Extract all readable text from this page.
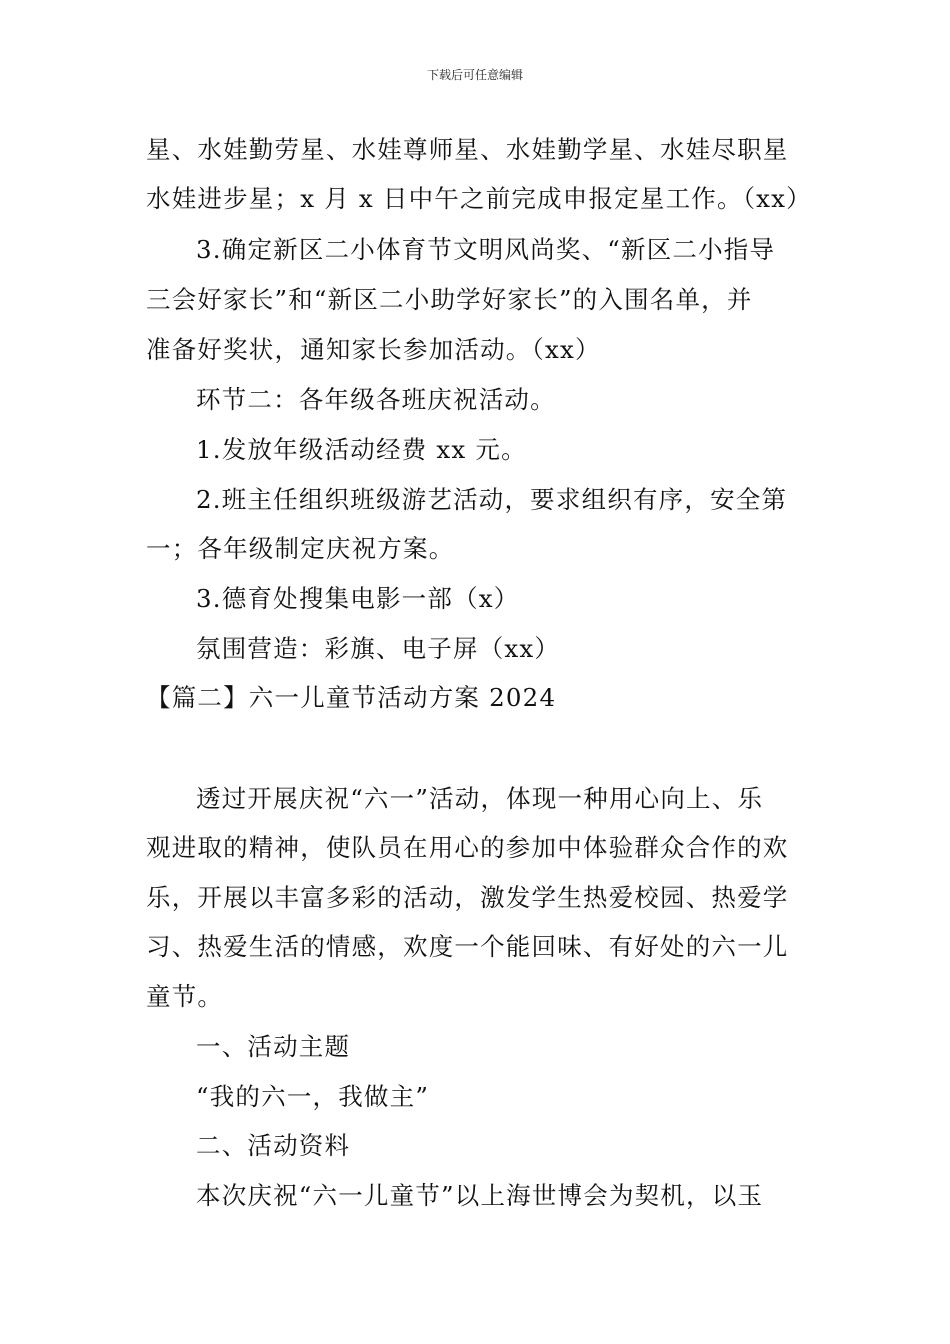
下载后可任意编辑
星、水娃勤劳星、水娃尊师星、水娃勤学星、水娃尽职星
水娃进步星；x 月 x 日中午之前完成申报定星工作。（xx）
3.确定新区二小体育节文明风尚奖、“新区二小指导
三会好家长”和“新区二小助学好家长”的入围名单，并
准备好奖状，通知家长参加活动。（xx）
环节二：各年级各班庆祝活动。
1.发放年级活动经费 xx 元。
2.班主任组织班级游艺活动，要求组织有序，安全第
一；各年级制定庆祝方案。
3.德育处搜集电影一部（x）
氛围营造：彩旗、电子屏（xx）
【篇二】六一儿童节活动方案 2024
透过开展庆祝“六一”活动，体现一种用心向上、乐
观进取的精神，使队员在用心的参加中体验群众合作的欢
乐，开展以丰富多彩的活动，激发学生热爱校园、热爱学
习、热爱生活的情感，欢度一个能回味、有好处的六一儿
童节。
一、活动主题
“我的六一，我做主”
二、活动资料
本次庆祝“六一儿童节”以上海世博会为契机，以玉
